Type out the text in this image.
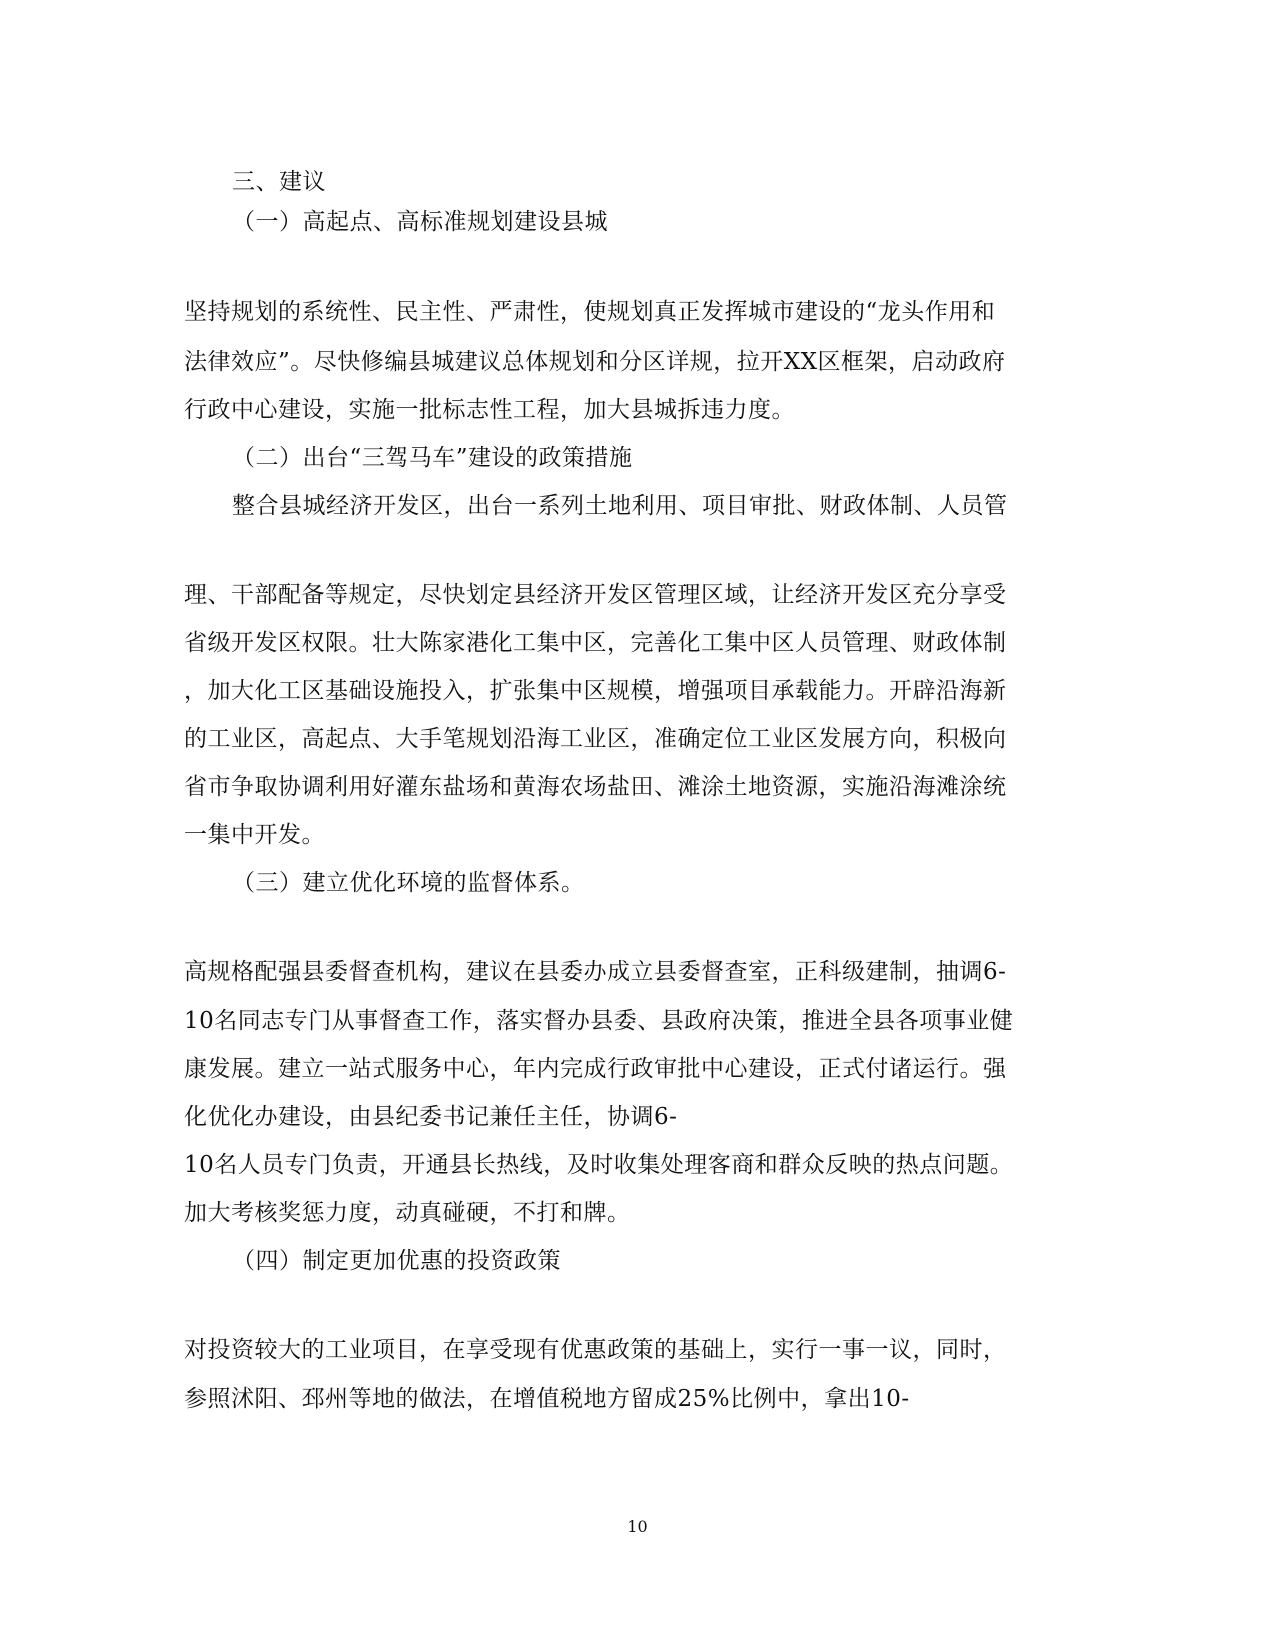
三、建议

（一）高起点、高标准规划建设县城

坚持规划的系统性、民主性、严肃性，使规划真正发挥城市建设的“龙头作用和

法律效应”。尽快修编县城建议总体规划和分区详规，拉开XX区框架，启动政府

行政中心建设，实施一批标志性工程，加大县城拆违力度。

（二）出台“三驾马车”建设的政策措施

整合县城经济开发区，出台一系列土地利用、项目审批、财政体制、人员管

理、干部配备等规定，尽快划定县经济开发区管理区域，让经济开发区充分享受

省级开发区权限。壮大陈家港化工集中区，完善化工集中区人员管理、财政体制

，加大化工区基础设施投入，扩张集中区规模，增强项目承载能力。开辟沿海新

的工业区，高起点、大手笔规划沿海工业区，准确定位工业区发展方向，积极向

省市争取协调利用好灌东盐场和黄海农场盐田、滩涂土地资源，实施沿海滩涂统

一集中开发。

（三）建立优化环境的监督体系。

高规格配强县委督查机构，建议在县委办成立县委督查室，正科级建制，抽调6-

10名同志专门从事督查工作，落实督办县委、县政府决策，推进全县各项事业健

康发展。建立一站式服务中心，年内完成行政审批中心建设，正式付诸运行。强

化优化办建设，由县纪委书记兼任主任，协调6-

10名人员专门负责，开通县长热线，及时收集处理客商和群众反映的热点问题。

加大考核奖惩力度，动真碰硬，不打和牌。

（四）制定更加优惠的投资政策

对投资较大的工业项目，在享受现有优惠政策的基础上，实行一事一议，同时，

参照沭阳、邳州等地的做法，在增值税地方留成25%比例中，拿出10-

10
